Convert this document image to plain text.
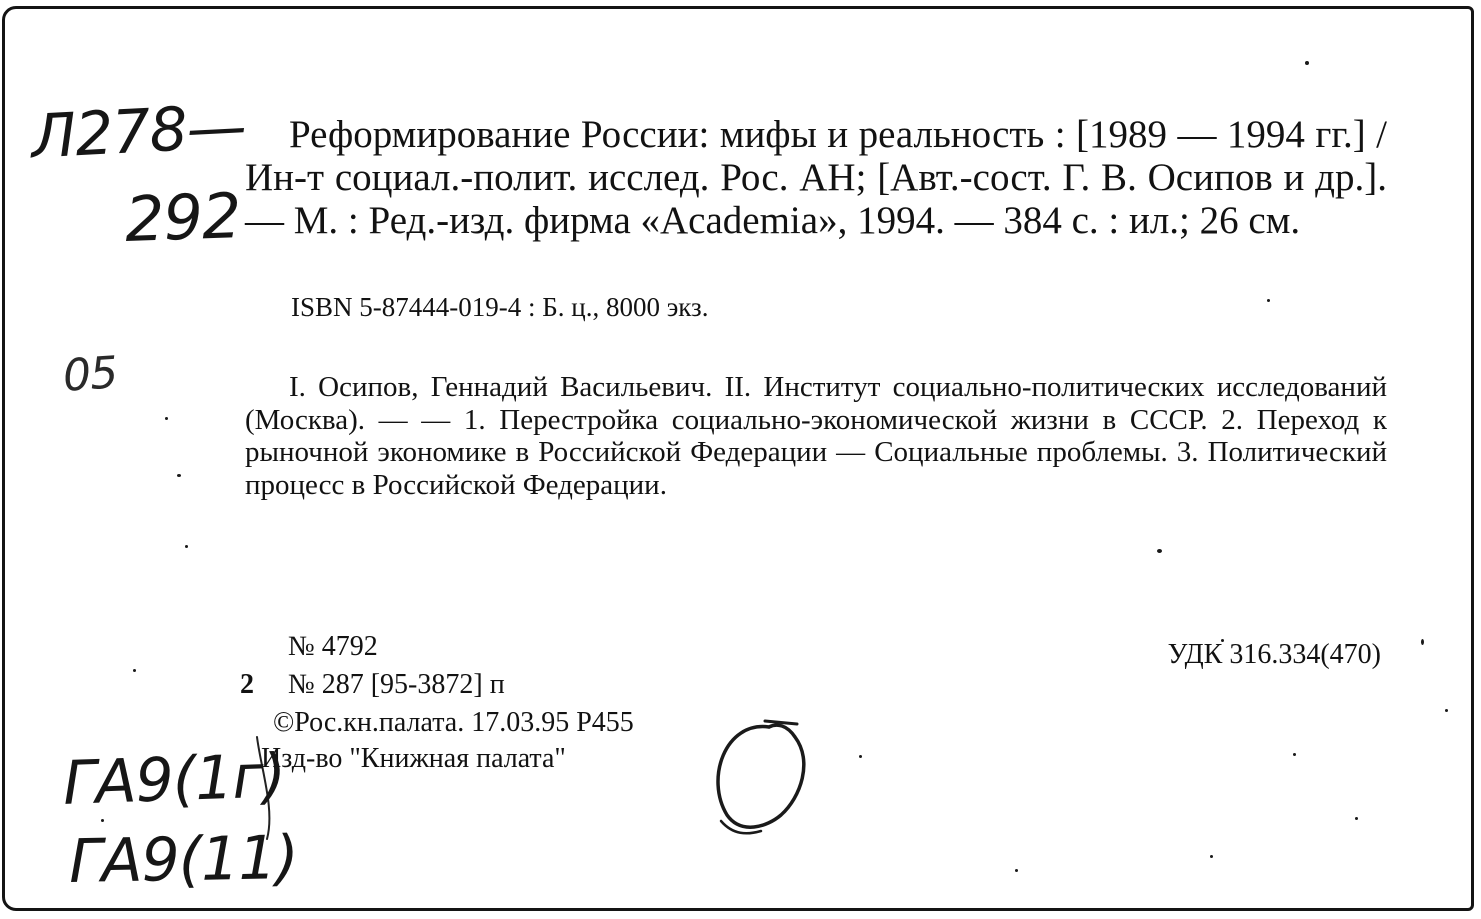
Л278—
292
05

Реформирование России: мифы и реальность : [1989 — 1994 гг.] / Ин-т социал.-полит. исслед. Рос. АН; [Авт.-сост. Г. В. Осипов и др.]. — М. : Ред.-изд. фирма «Academia», 1994. — 384 с. : ил.; 26 см.

ISBN 5-87444-019-4 : Б. ц., 8000 экз.

I. Осипов, Геннадий Васильевич. II. Институт социально-политических исследований (Москва). — — 1. Перестройка социально-экономической жизни в СССР. 2. Переход к рыночной экономике в Российской Федерации — Социальные проблемы. 3. Политический процесс в Российской Федерации.

№ 4792
2 № 287 [95-3872] п
©Рос.кн.палата. 17.03.95 Р455
Изд-во "Книжная палата"
УДК 316.334(470)
ГА9(1г)
ГА9(11)
